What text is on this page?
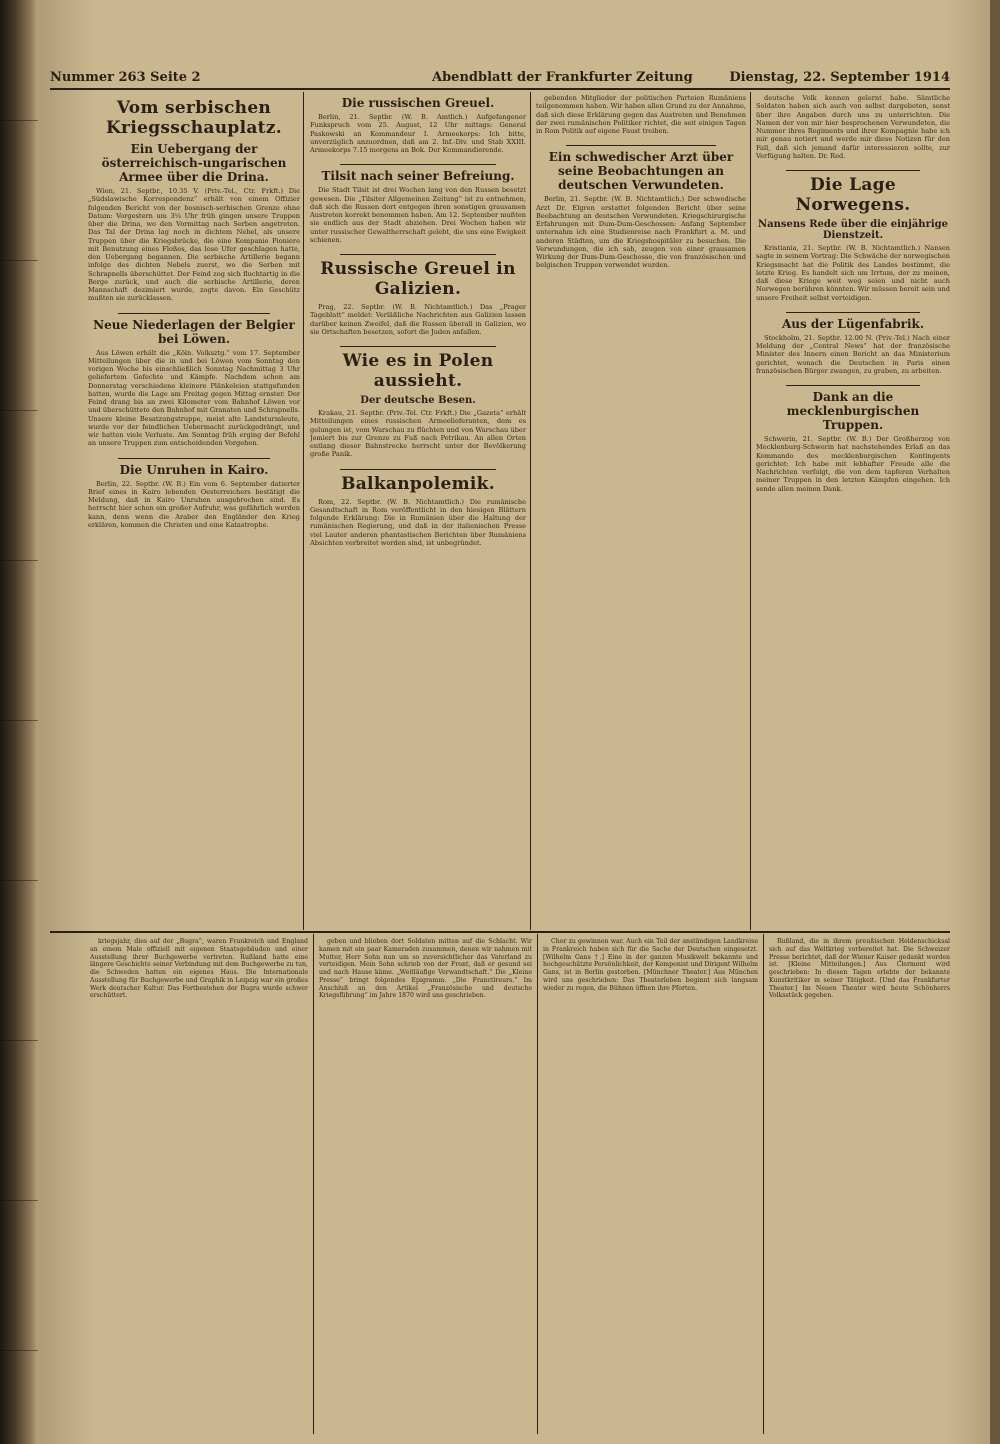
Nummer 263 Seite 2	Abendblatt der Frankfurter Zeitung	Dienstag, 22. September 1914
Vom serbischen Kriegsschauplatz.
Ein Uebergang der österreichisch-ungarischen Armee über die Drina.

Wien, 21. Septbr., 10.35 V. (Priv.-Tel., Ctr. Frkft.) Die „Südslawische Korrespondenz“ erhält von einem Offizier folgenden Bericht von der bosnisch-serbischen Grenze ohne Datum: Vorgestern um 3¼ Uhr früh gingen unsere Truppen über die Drina, wo den Vormittag nach Serben angetreten. Das Tal der Drina lag noch in dichtem Nebel, als unsere Truppen über die Kriegsbrücke, die eine Kompanie Pioniere mit Benutzung eines Floßes, das lose Ufer geschlagen hatte, den Uebergang begannen. Die serbische Artillerie begann infolge des dichten Nebels zuerst, wo die Serben mit Schrapnells überschüttet. Der Feind zog sich fluchtartig in die Berge zurück, und auch die serbische Artillerie, deren Mannschaft dezimiert wurde, zogte davon. Ein Geschütz mußten sie zurücklassen.

Neue Niederlagen der Belgier bei Löwen.

Aus Löwen erhält die „Köln. Volksztg.“ vom 17. September Mitteilungen über die in und bei Löwen vom Sonntag den vorigen Woche bis einschließlich Sonntag Nachmittag 3 Uhr geliefertem Gefechte und Kämpfe. Nachdem schon am Donnerstag verschiedene kleinere Plänkeleien stattgefunden hatten, wurde die Lage am Freitag gegen Mittag ernster. Der Feind drang bis an zwei Kilometer vom Bahnhof Löwen vor und überschüttete den Bahnhof mit Granaten und Schrapnells. Unsere kleine Besatzungstruppe, meist alte Landsturmleute, wurde vor der feindlichen Uebermacht zurückgedrängt, und wir hatten viele Verluste. Am Sonntag früh erging der Befehl an unsere Truppen zum entscheidenden Vorgehen.

Die Unruhen in Kairo.

Berlin, 22. Septbr. (W. B.) Ein vom 6. September datierter Brief eines in Kairo lebenden Oesterreichers bestätigt die Meldung, daß in Kairo Unruhen ausgebrochen sind. Es herrscht hier schon ein großer Aufruhr, was gefährlich werden kann, denn wenn die Araber den Engländer den Krieg erklären, kommen die Christen und eine Katastrophe.

Die russischen Greuel.

Berlin, 21. Septbr. (W. B. Amtlich.) Aufgefangener Funkspruch vom 25. August, 12 Uhr mittags: General Paskowski an Kommandeur I. Armeekorps: Ich bitte, unverzüglich anzuordnen, daß am 2. Inf.-Div. und Stab XXIII. Armeekorps 7.15 morgens an Bok. Der Kommandierende.

Tilsit nach seiner Befreiung.

Die Stadt Tilsit ist drei Wochen lang von den Russen besetzt gewesen. Die „Tilsiter Allgemeinen Zeitung“ ist zu entnehmen, daß sich die Russen dort entgegen ihren sonstigen grausamen Austreten korrekt benommen haben. Am 12. September mußten sie endlich aus der Stadt abziehen. Drei Wochen haben wir unter russischer Gewaltherrschaft gelebt, die uns eine Ewigkeit schienen.

Russische Greuel in Galizien.

Prag, 22. Septbr. (W. B. Nichtamtlich.) Das „Prager Tageblatt“ meldet: Verläßliche Nachrichten aus Galizien lassen darüber keinen Zweifel, daß die Russen überall in Galizien, wo sie Ortschaften besetzen, sofort die Juden anfallen.

Wie es in Polen aussieht.
Der deutsche Besen.

Krakau, 21. Septbr. (Priv.-Tel. Ctr. Frkft.) Die „Gazeta“ erhält Mitteilungen eines russischen Armeelieferanten, dem es gelungen ist, vom Warschau zu flüchten und von Warschau über Jemiert bis zur Grenze zu Fuß nach Petrikau. An allen Orten entlang dieser Bahnstrecke herrscht unter der Bevölkerung große Panik.

Balkanpolemik.

Rom, 22. Septbr. (W. B. Nichtamtlich.) Die rumänische Gesandtschaft in Rom veröffentlicht in den hiesigen Blättern folgende Erklärung: Die in Rumänien über die Haltung der rumänischen Regierung, und daß in der italienischen Presse viel Lauter anderen phantastischen Berichten über Rumäniens Absichten verbreitet worden sind, ist unbegründet.

gebenden Mitglieder der politischen Parteien Rumäniens teilgenommen haben. Wir haben allen Grund zu der Annahme, daß sich diese Erklärung gegen das Austreten und Benehmen der zwei rumänischen Politiker richtet, die seit einigen Tagen in Rom Politik auf eigene Faust treiben.

Ein schwedischer Arzt über seine Beobachtungen an deutschen Verwundeten.

Berlin, 21. Septbr. (W. B. Nichtamtlich.) Der schwedische Arzt Dr. Elgren erstattet folgenden Bericht über seine Beobachtung an deutschen Verwundeten. Kriegschirurgische Erfahrungen mit Dum-Dum-Geschossen: Anfang September unternahm ich eine Studienreise nach Frankfurt a. M. und anderen Städten, um die Kriegshospitäler zu besuchen. Die Verwundungen, die ich sah, zeugen von einer grausamen Wirkung der Dum-Dum-Geschosse, die von französischen und belgischen Truppen verwendet wurden.

deutsche Volk kennen gelernt habe. Sämtliche Soldaten haben sich auch von selbst dargeboten, sonst über ihre Angaben durch uns zu unterrichten. Die Namen der von mir hier besprochenen Verwundeten, die Nummer ihres Regiments und ihrer Kompagnie habe ich mir genau notiert und werde mir diese Notizen für den Fall, daß sich jemand dafür interessieren sollte, zur Verfügung halten. Dr. Red.

Die Lage Norwegens.
Nansens Rede über die einjährige Dienstzeit.

Kristiania, 21. Septbr. (W. B. Nichtamtlich.) Nansen sagte in seinem Vortrag: Die Schwäche der norwegischen Kriegsmacht hat die Politik des Landes bestimmt, die letzte Krieg. Es handelt sich um Irrtum, der zu meinen, daß diese Kriege weit weg seien und nicht auch Norwegen berühren könnten. Wir müssen bereit sein und unsere Freiheit selbst verteidigen.

Aus der Lügenfabrik.

Stockholm, 21. Septbr. 12.00 N. (Priv.-Tel.) Nach einer Meldung der „Central News“ hat der französische Minister des Innern einen Bericht an das Ministerium gerichtet, wonach die Deutschen in Paris einen französischen Bürger zwangen, zu graben, zu arbeiten.

Dank an die mecklenburgischen Truppen.

Schwerin, 21. Septbr. (W. B.) Der Großherzog von Mecklenburg-Schwerin hat nachstehendes Erlaß an das Kommando des mecklenburgischen Kontingents gerichtet: Ich habe mit lebhafter Freude alle die Nachrichten verfolgt, die von dem tapferen Verhalten meiner Truppen in den letzten Kämpfen eingehen. Ich sende allen meinen Dank.

kriegsjahr, dies auf der „Bugra“, waren Frankreich und England an einem Male offiziell mit eigenen Staatsgebäuden und einer Ausstellung ihrer Buchgewerbe vertreten. Rußland hatte eine längere Geschichte seiner Verbindung mit dem Buchgewerbe zu tun, die Schweden hatten ein eigenes Haus. Die Internationale Ausstellung für Buchgewerbe und Graphik in Leipzig war ein großes Werk deutscher Kultur. Das Fortbestehen der Bugra wurde schwer erschüttert.

geben und blieben dort Soldaten mitten auf die Schlacht. Wir kamen mit ein paar Kameraden zusammen, denen wir nahmen mit Mutter, Herr Sohn nun um so zuversichtlicher das Vaterland zu verteidigen. Mein Sohn schrieb von der Front, daß er gesund sei und nach Hause käme. „Weitläufige Verwandtschaft.“ Die „Kleine Presse“ bringt folgendes Epigramm. „Die Franctireurs.“ Im Anschluß an den Artikel „Französische und deutsche Kriegsführung“ im Jahre 1870 wird uns geschrieben.

Chor zu gewinnen war. Auch ein Teil der anständigen Landkreise in Frankreich haben sich für die Sache der Deutschen eingesetzt. [Wilhelm Gans †.] Eine in der ganzen Musikwelt bekannte und hochgeschätzte Persönlichkeit, der Komponist und Dirigent Wilhelm Gans, ist in Berlin gestorben. [Münchner Theater.] Aus München wird uns geschrieben: Das Theaterleben beginnt sich langsam wieder zu regen, die Bühnen öffnen ihre Pforten.

Rußland, die in ihrem preußischen Heldenschicksal sich auf das Weltkrieg vorbereitet hat. Die Schweizer Presse berichtet, daß der Wiener Kaiser gedankt worden ist. [Kleine Mitteilungen.] Aus Clermont wird geschrieben: In diesen Tagen erlebte der bekannte Kunstkritiker in seiner Tätigkeit. [Und das Frankfurter Theater.] Im Neuen Theater wird heute Schönherrs Volksstück gegeben.
